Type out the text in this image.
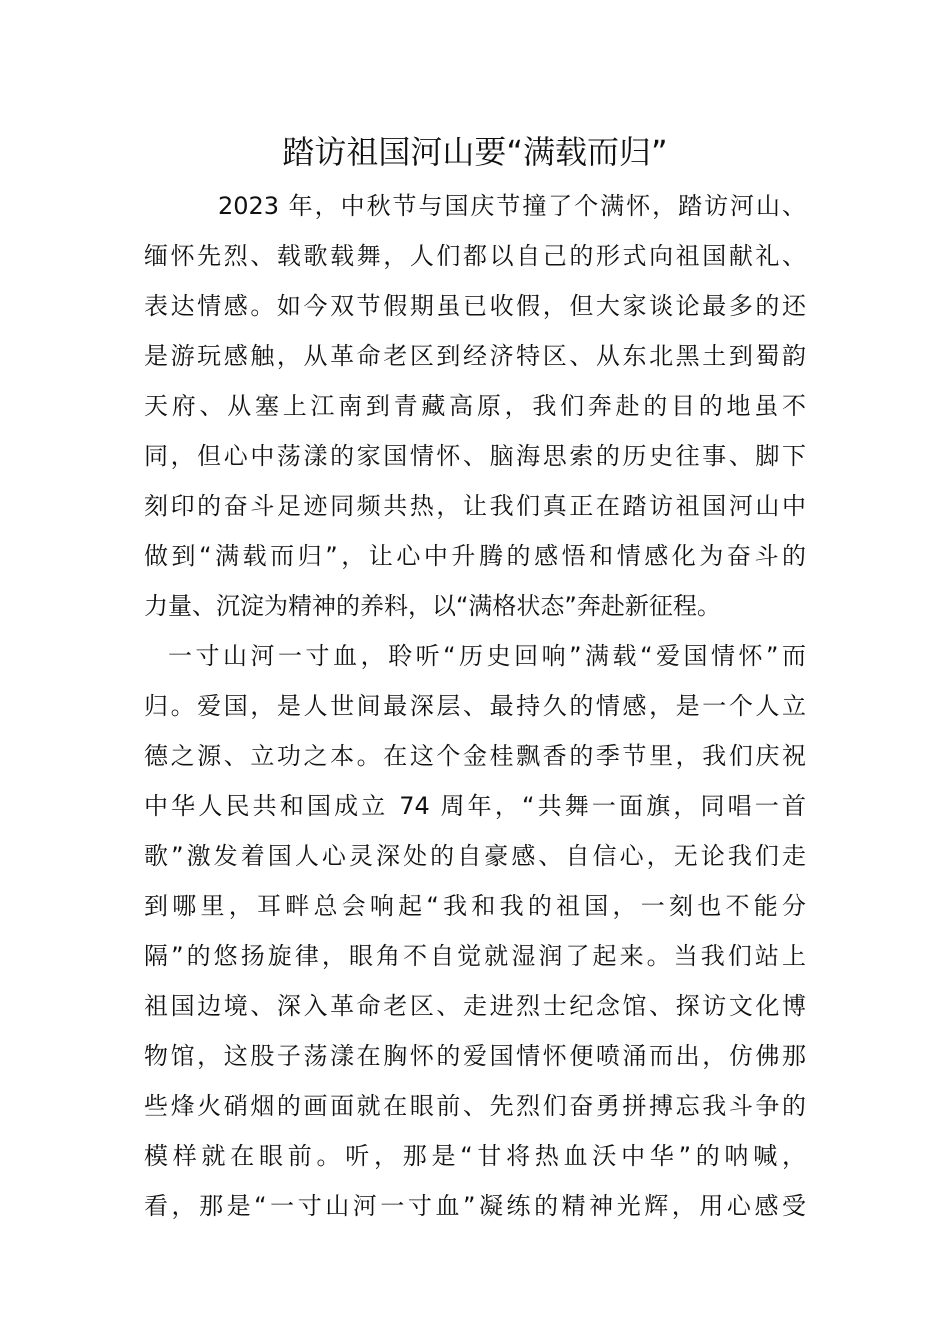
踏访祖国河山要“满载而归”
2023 年，中秋节与国庆节撞了个满怀，踏访河山、
缅怀先烈、载歌载舞，人们都以自己的形式向祖国献礼、
表达情感。如今双节假期虽已收假，但大家谈论最多的还
是游玩感触，从革命老区到经济特区、从东北黑土到蜀韵
天府、从塞上江南到青藏高原，我们奔赴的目的地虽不
同，但心中荡漾的家国情怀、脑海思索的历史往事、脚下
刻印的奋斗足迹同频共热，让我们真正在踏访祖国河山中
做到“满载而归”，让心中升腾的感悟和情感化为奋斗的
力量、沉淀为精神的养料，以“满格状态”奔赴新征程。
一寸山河一寸血，聆听“历史回响”满载“爱国情怀”而
归。爱国，是人世间最深层、最持久的情感，是一个人立
德之源、立功之本。在这个金桂飘香的季节里，我们庆祝
中华人民共和国成立 74 周年，“共舞一面旗，同唱一首
歌”激发着国人心灵深处的自豪感、自信心，无论我们走
到哪里，耳畔总会响起“我和我的祖国，一刻也不能分
隔”的悠扬旋律，眼角不自觉就湿润了起来。当我们站上
祖国边境、深入革命老区、走进烈士纪念馆、探访文化博
物馆，这股子荡漾在胸怀的爱国情怀便喷涌而出，仿佛那
些烽火硝烟的画面就在眼前、先烈们奋勇拼搏忘我斗争的
模样就在眼前。听，那是“甘将热血沃中华”的呐喊，
看，那是“一寸山河一寸血”凝练的精神光辉，用心感受
